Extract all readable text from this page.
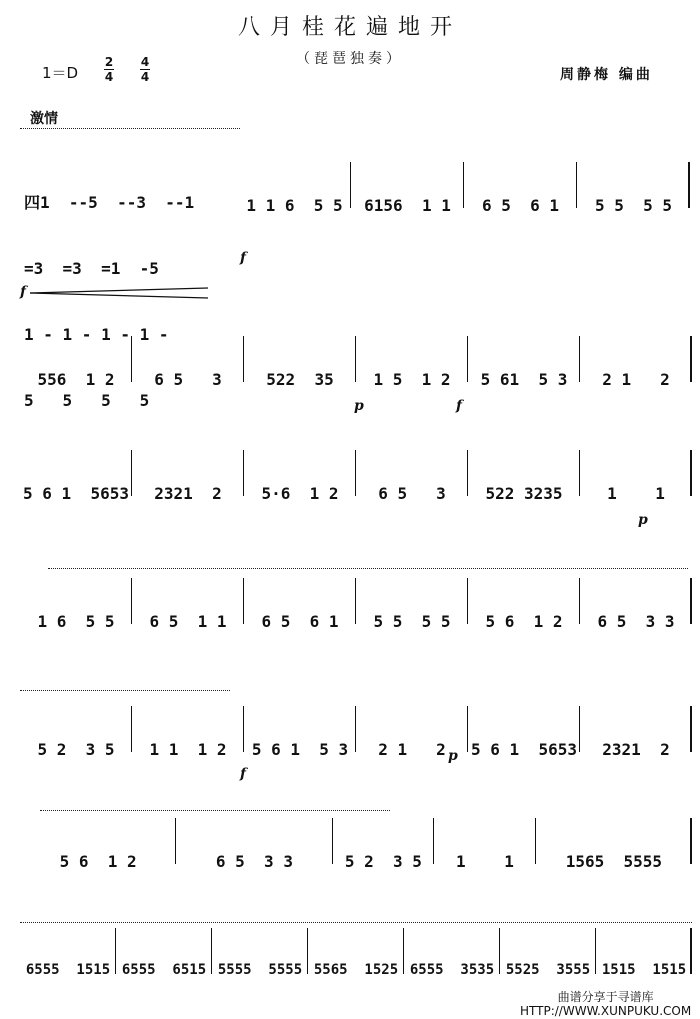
八月桂花遍地开
（琵琶独奏）
1＝D
2
4
4
4	周静梅 编曲
激情

四1  --5  --3  --1

=3  =3  =1  -5

1 - 1 - 1 - 1 -

5   5   5   5

f
1 1 6  5 5	6156  1 1	6 5  6 1	5 5  5 5
f
556  1 2	6 5   3	522  35	1 5  1 2	5 61  5 3	2 1   2
p	f
5 6 1  5653	2321  2	5·6  1 2	6 5   3	522 3235	1    1
p
1 6  5 5	6 5  1 1	6 5  6 1	5 5  5 5	5 6  1 2	6 5  3 3
5 2  3 5	1 1  1 2	5 6 1  5 3	2 1   2	5 6 1  5653	2321  2
f
p
5 6  1 2	6 5  3 3	5 2  3 5	1    1	1565  5555
6555  1515 6555  6515 5555  5555 5565  1525 6555  3535 5525  3555 1515  1515
曲谱分享于寻谱库
HTTP://WWW.XUNPUKU.COM
